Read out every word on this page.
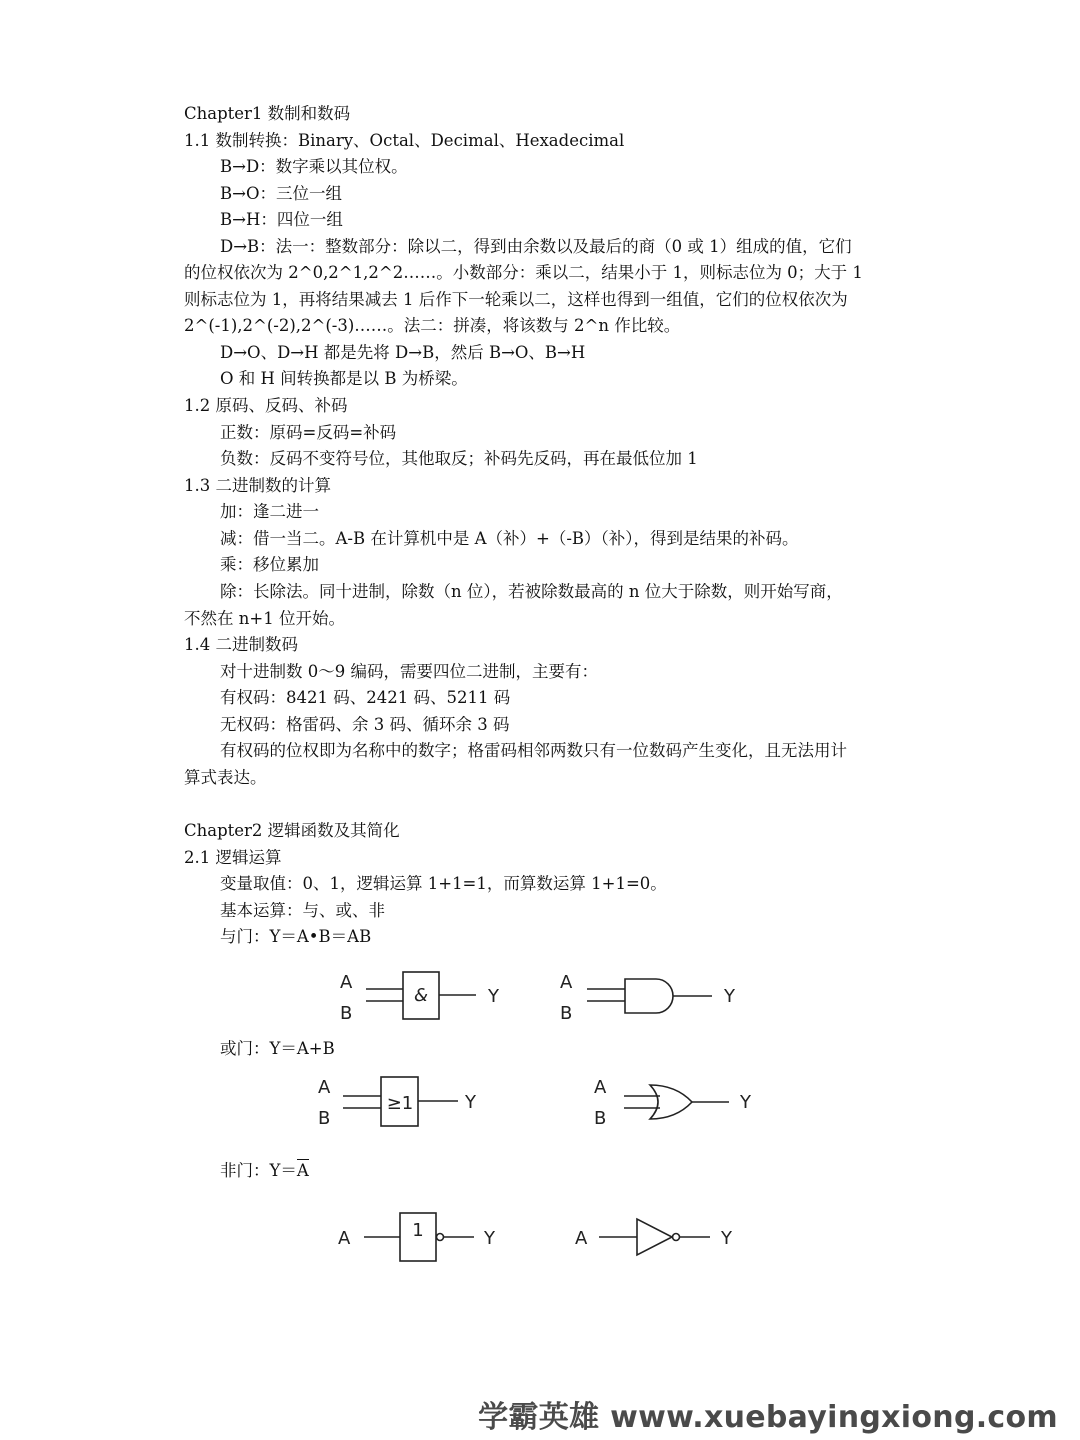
Chapter1 数制和数码
1.1 数制转换：Binary、Octal、Decimal、Hexadecimal
B→D：数字乘以其位权。
B→O：三位一组
B→H：四位一组
D→B：法一：整数部分：除以二，得到由余数以及最后的商（0 或 1）组成的值，它们
的位权依次为 2^0,2^1,2^2……。小数部分：乘以二，结果小于 1，则标志位为 0；大于 1
则标志位为 1，再将结果减去 1 后作下一轮乘以二，这样也得到一组值，它们的位权依次为
2^(-1),2^(-2),2^(-3)……。法二：拼凑，将该数与 2^n 作比较。
D→O、D→H 都是先将 D→B，然后 B→O、B→H
O 和 H 间转换都是以 B 为桥梁。
1.2 原码、反码、补码
正数：原码=反码=补码
负数：反码不变符号位，其他取反；补码先反码，再在最低位加 1
1.3 二进制数的计算
加：逢二进一
减：借一当二。A-B 在计算机中是 A（补）+（-B）（补），得到是结果的补码。
乘：移位累加
除：长除法。同十进制，除数（n 位），若被除数最高的 n 位大于除数，则开始写商，
不然在 n+1 位开始。
1.4 二进制数码
对十进制数 0～9 编码，需要四位二进制，主要有：
有权码：8421 码、2421 码、5211 码
无权码：格雷码、余 3 码、循环余 3 码
有权码的位权即为名称中的数字；格雷码相邻两数只有一位数码产生变化，且无法用计
算式表达。
Chapter2 逻辑函数及其简化
2.1 逻辑运算
变量取值：0、1，逻辑运算 1+1=1，而算数运算 1+1=0。
基本运算：与、或、非
与门：Y＝A•B＝AB
或门：Y＝A+B
非门：Y＝A
&
≥1
1
A
B
Y
A
B
Y
A
B
Y
A
B
Y
A	Y	A	Y
学霸英雄 www.xuebayingxiong.com
